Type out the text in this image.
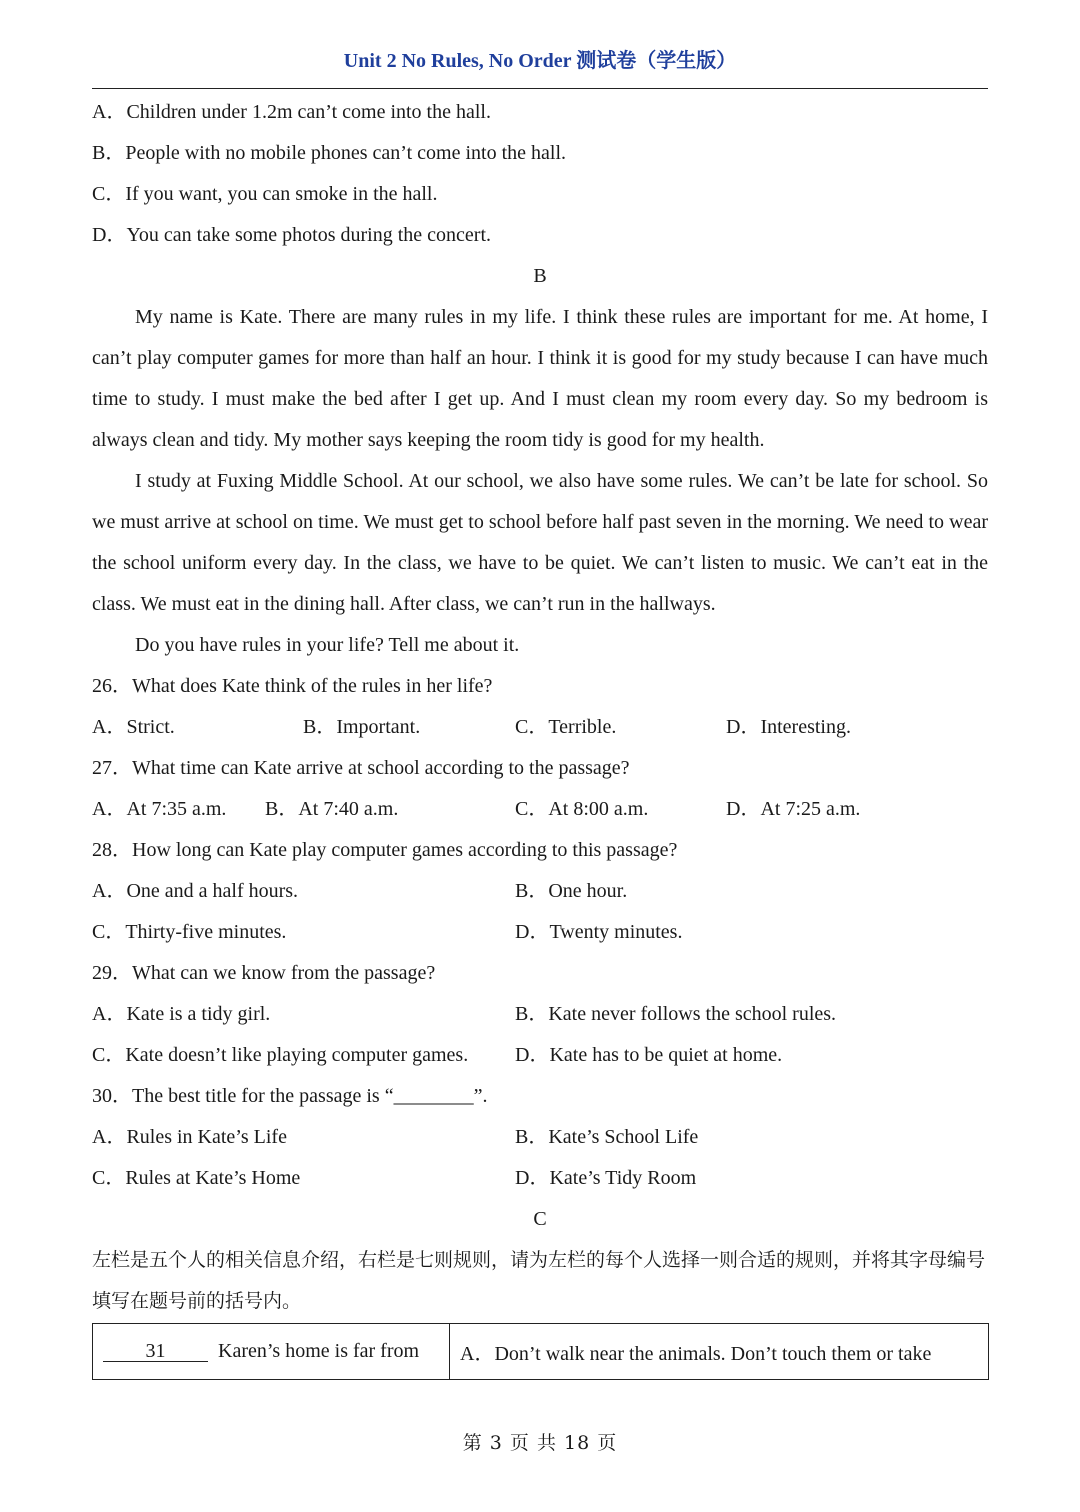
Unit 2 No Rules, No Order 测试卷（学生版）
A．Children under 1.2m can’t come into the hall.
B．People with no mobile phones can’t come into the hall.
C．If you want, you can smoke in the hall.
D．You can take some photos during the concert.
B
My name is Kate. There are many rules in my life. I think these rules are important for me. At home, I can’t play computer games for more than half an hour. I think it is good for my study because I can have much time to study. I must make the bed after I get up. And I must clean my room every day. So my bedroom is always clean and tidy. My mother says keeping the room tidy is good for my health.
I study at Fuxing Middle School. At our school, we also have some rules. We can’t be late for school. So we must arrive at school on time. We must get to school before half past seven in the morning. We need to wear the school uniform every day. In the class, we have to be quiet. We can’t listen to music. We can’t eat in the class. We must eat in the dining hall. After class, we can’t run in the hallways.
Do you have rules in your life? Tell me about it.
26．What does Kate think of the rules in her life?
A．Strict.	B．Important.	C．Terrible.	D．Interesting.
27．What time can Kate arrive at school according to the passage?
A．At 7:35 a.m. B．At 7:40 a.m.	C．At 8:00 a.m.	D．At 7:25 a.m.
28．How long can Kate play computer games according to this passage?
A．One and a half hours.	B．One hour.
C．Thirty-five minutes.	D．Twenty minutes.
29．What can we know from the passage?
A．Kate is a tidy girl.	B．Kate never follows the school rules.
C．Kate doesn’t like playing computer games. D．Kate has to be quiet at home.
30．The best title for the passage is “________”.
A．Rules in Kate’s Life	B．Kate’s School Life
C．Rules at Kate’s Home	D．Kate’s Tidy Room
C
左栏是五个人的相关信息介绍，右栏是七则规则，请为左栏的每个人选择一则合适的规则，并将其字母编号填写在题号前的括号内。
31	Karen’s home is far from	A．Don’t walk near the animals. Don’t touch them or take
第 3 页 共 18 页
